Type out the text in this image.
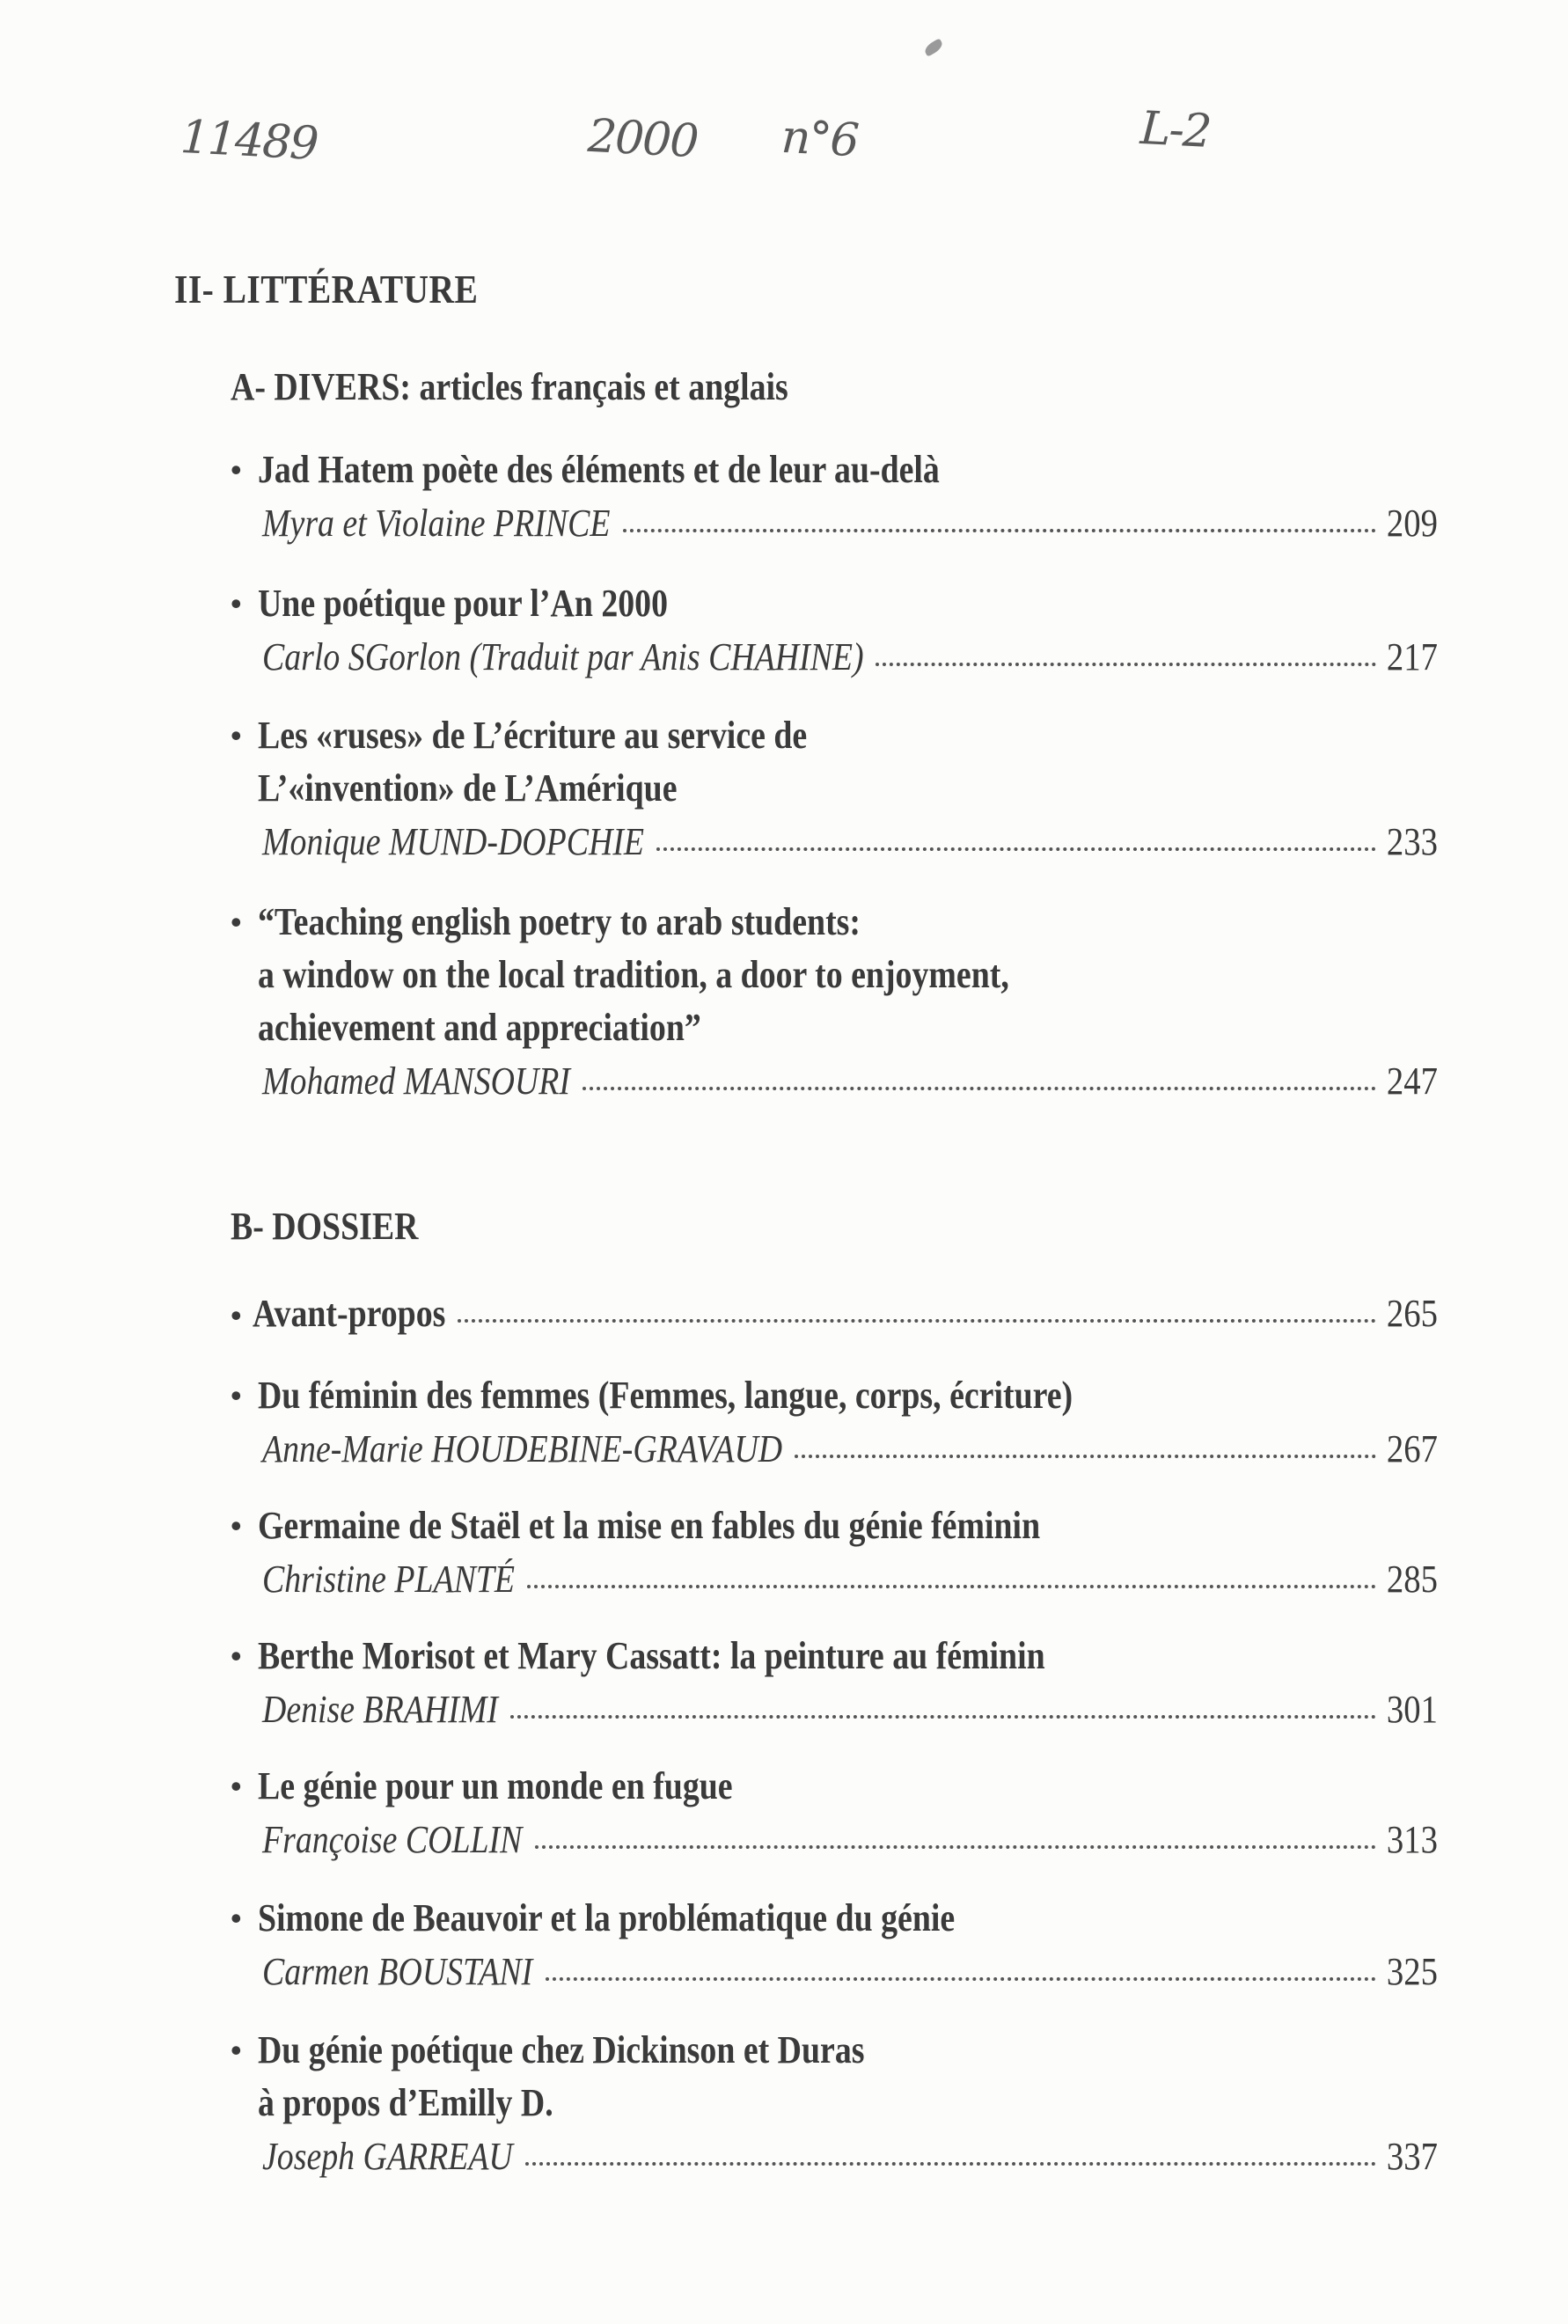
11489	2000 n°6	L-2
II- LITTÉRATURE
A- DIVERS: articles français et anglais
• Jad Hatem poète des éléments et de leur au-delà
Myra et Violaine PRINCE	209
• Une poétique pour l’An 2000
Carlo SGorlon (Traduit par Anis CHAHINE)	217
• Les «ruses» de L’écriture au service de
L’«invention» de L’Amérique
Monique MUND-DOPCHIE	233
• “Teaching english poetry to arab students:
a window on the local tradition, a door to enjoyment,
achievement and appreciation”
Mohamed MANSOURI	247
B- DOSSIER
• Avant-propos	265
• Du féminin des femmes (Femmes, langue, corps, écriture)
Anne-Marie HOUDEBINE-GRAVAUD	267
• Germaine de Staël et la mise en fables du génie féminin
Christine PLANTÉ	285
• Berthe Morisot et Mary Cassatt: la peinture au féminin
Denise BRAHIMI	301
• Le génie pour un monde en fugue
Françoise COLLIN	313
• Simone de Beauvoir et la problématique du génie
Carmen BOUSTANI	325
• Du génie poétique chez Dickinson et Duras
à propos d’Emilly D.
Joseph GARREAU	337
